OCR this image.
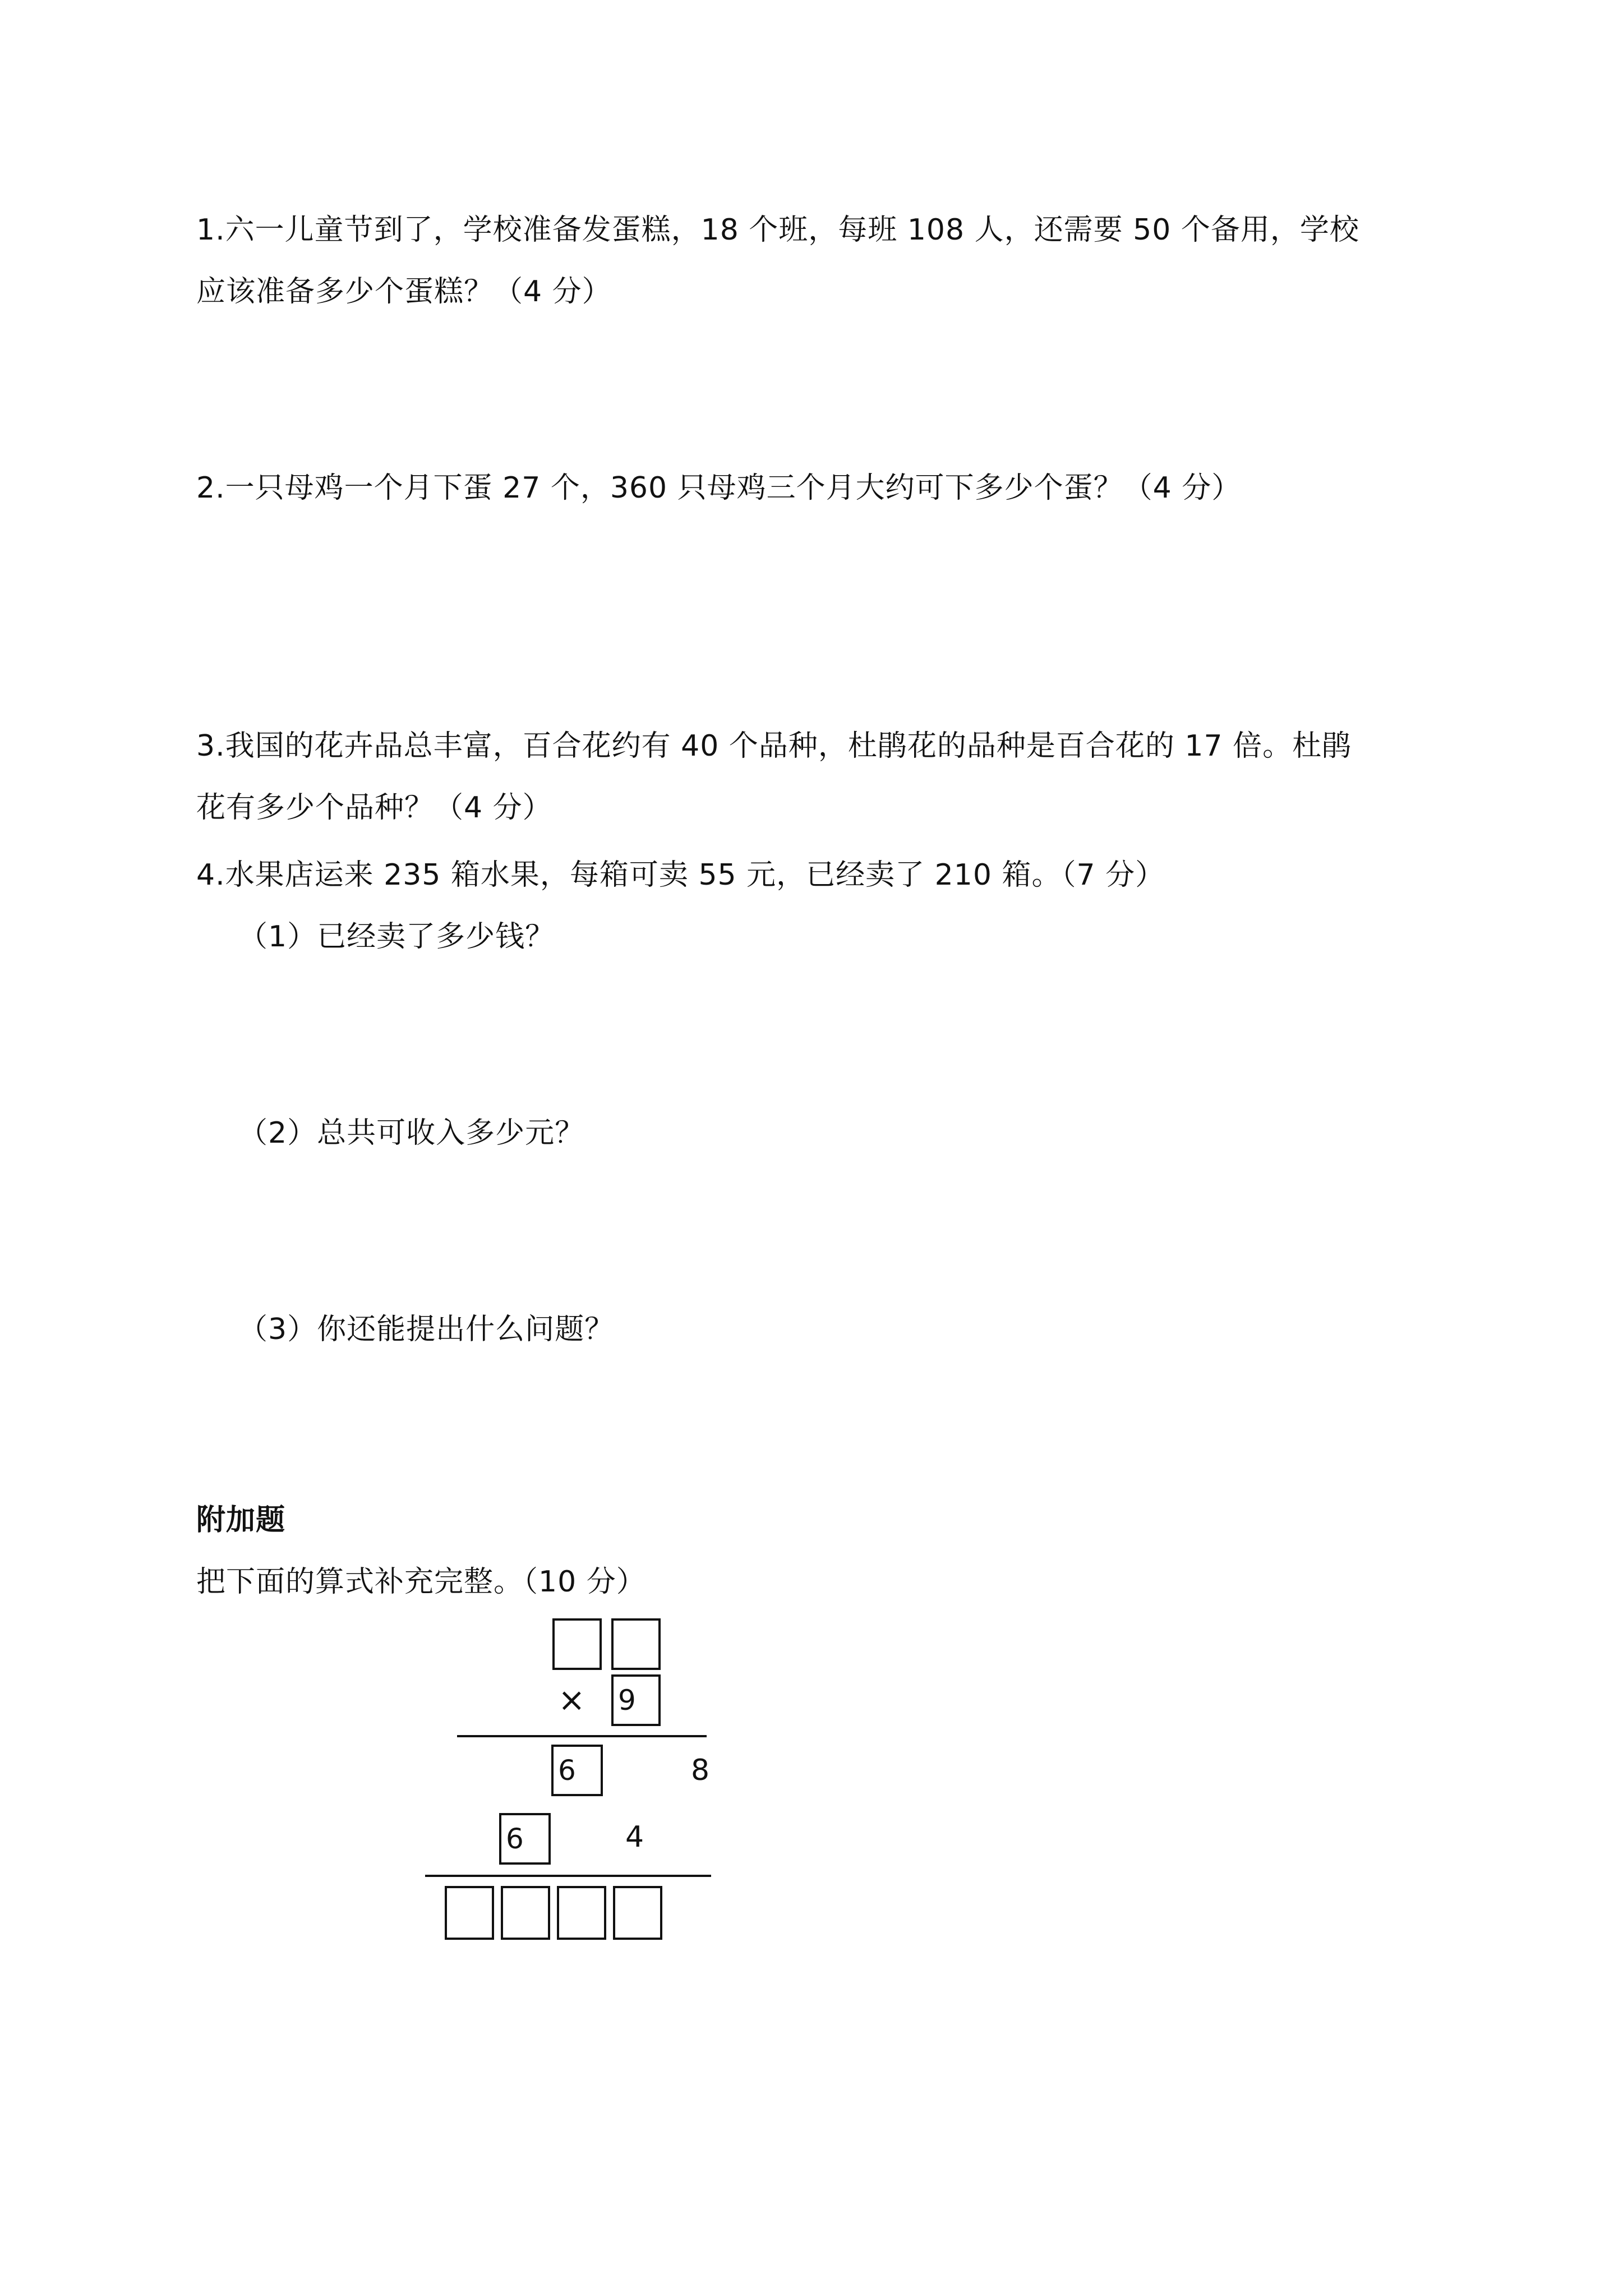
1.六一儿童节到了，学校准备发蛋糕，18 个班，每班 108 人，还需要 50 个备用，学校
应该准备多少个蛋糕？（4 分）
2.一只母鸡一个月下蛋 27 个，360 只母鸡三个月大约可下多少个蛋？（4 分）
3.我国的花卉品总丰富，百合花约有 40 个品种，杜鹃花的品种是百合花的 17 倍。杜鹃
花有多少个品种？（4 分）
4.水果店运来 235 箱水果，每箱可卖 55 元，已经卖了 210 箱。（7 分）
（1）已经卖了多少钱？
（2）总共可收入多少元？
（3）你还能提出什么问题？
附加题
把下面的算式补充完整。（10 分）
× 9
6	8
6	4
